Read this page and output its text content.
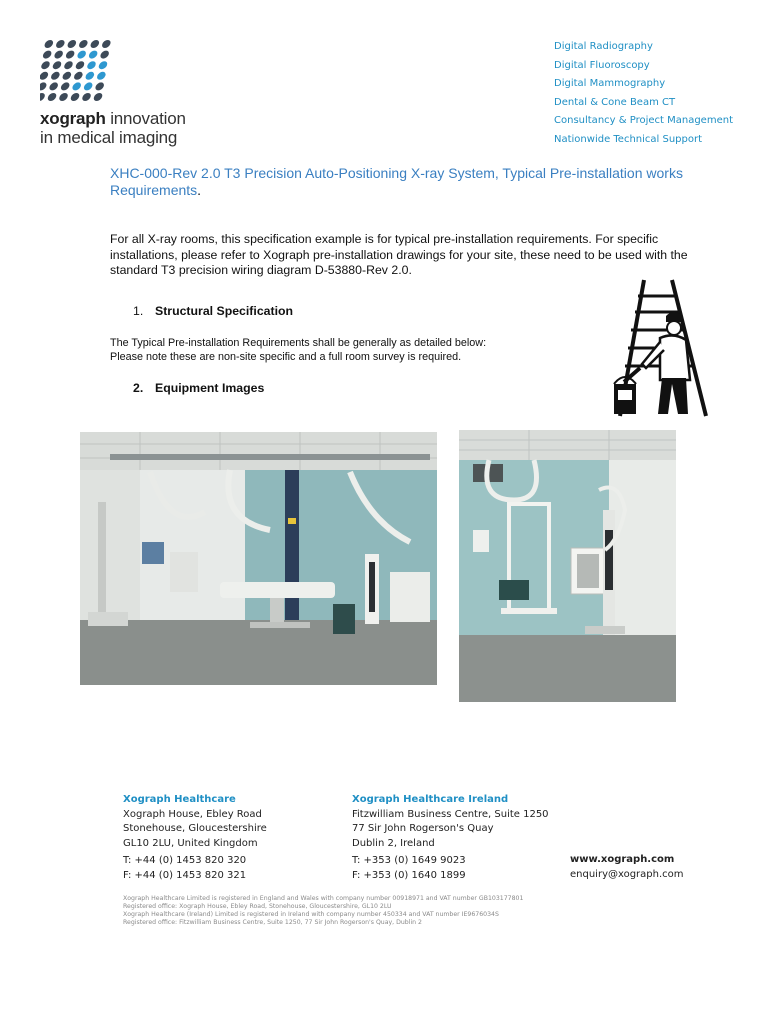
xograph innovation
in medical imaging
Digital Radiography
Digital Fluoroscopy
Digital Mammography
Dental & Cone Beam CT
Consultancy & Project Management
Nationwide Technical Support
XHC-000-Rev 2.0 T3 Precision Auto-Positioning X-ray System, Typical Pre-installation works Requirements.
For all X-ray rooms, this specification example is for typical pre-installation requirements. For specific installations, please refer to Xograph pre-installation drawings for your site, these need to be used with the standard T3 precision wiring diagram D-53880-Rev 2.0.
1. Structural Specification
The Typical Pre-installation Requirements shall be generally as detailed below:
Please note these are non-site specific and a full room survey is required.
2. Equipment Images
Xograph Healthcare
Xograph House, Ebley Road
Stonehouse, Gloucestershire
GL10 2LU, United Kingdom
T: +44 (0) 1453 820 320
F: +44 (0) 1453 820 321
Xograph Healthcare Ireland
Fitzwilliam Business Centre, Suite 1250
77 Sir John Rogerson's Quay
Dublin 2, Ireland
T: +353 (0) 1649 9023
F: +353 (0) 1640 1899
www.xograph.com
enquiry@xograph.com
Xograph Healthcare Limited is registered in England and Wales with company number 00918971 and VAT number GB103177801
Registered office: Xograph House, Ebley Road, Stonehouse, Gloucestershire, GL10 2LU
Xograph Healthcare (Ireland) Limited is registered in Ireland with company number 450334 and VAT number IE9676034S
Registered office: Fitzwilliam Business Centre, Suite 1250, 77 Sir John Rogerson's Quay, Dublin 2
